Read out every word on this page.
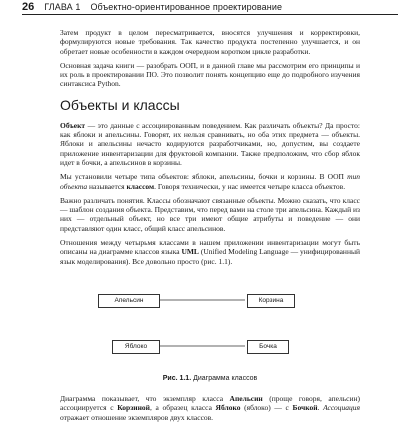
26 ГЛАВА 1 Объектно-ориентированное проектирование

Затем продукт в целом пересматривается, вносятся улучшения и корректировки, формулируются новые требования. Так качество продукта постепенно улучшается, и он обретает новые особенности в каждом очередном коротком цикле разработки.

Основная задача книги — разобрать ООП, и в данной главе мы рассмотрим его принципы и их роль в проектировании ПО. Это позволит понять концепцию еще до подробного изучения синтаксиса Python.

Объекты и классы

Объект — это данные с ассоциированным поведением. Как различать объекты? Да просто: как яблоки и апельсины. Говорят, их нельзя сравнивать, но оба этих предмета — объекты. Яблоки и апельсины нечасто кодируются разработчиками, но, допустим, вы создаете приложение инвентаризации для фруктовой компании. Также предположим, что сбор яблок идет в бочки, а апельсинов в корзины.

Мы установили четыре типа объектов: яблоки, апельсины, бочки и корзины. В ООП тип объекта называется классом. Говоря технически, у нас имеется четыре класса объектов.

Важно различать понятия. Классы обозначают связанные объекты. Можно сказать, что класс — шаблон создания объекта. Представим, что перед вами на столе три апельсина. Каждый из них — отдельный объект, но все три имеют общие атрибуты и поведение — они представляют один класс, общий класс апельсинов.

Отношения между четырьмя классами в нашем приложении инвентаризации могут быть описаны на диаграмме классов языка UML (Unified Modeling Language — унифицированный язык моделирования). Все довольно просто (рис. 1.1).

Апельсин	Корзина
Яблоко	Бочка
Рис. 1.1. Диаграмма классов

Диаграмма показывает, что экземпляр класса Апельсин (проще говоря, апельсин) ассоциируется с Корзиной, а образец класса Яблоко (яблоко) — с Бочкой. Ассоциация отражает отношение экземпляров двух классов.
